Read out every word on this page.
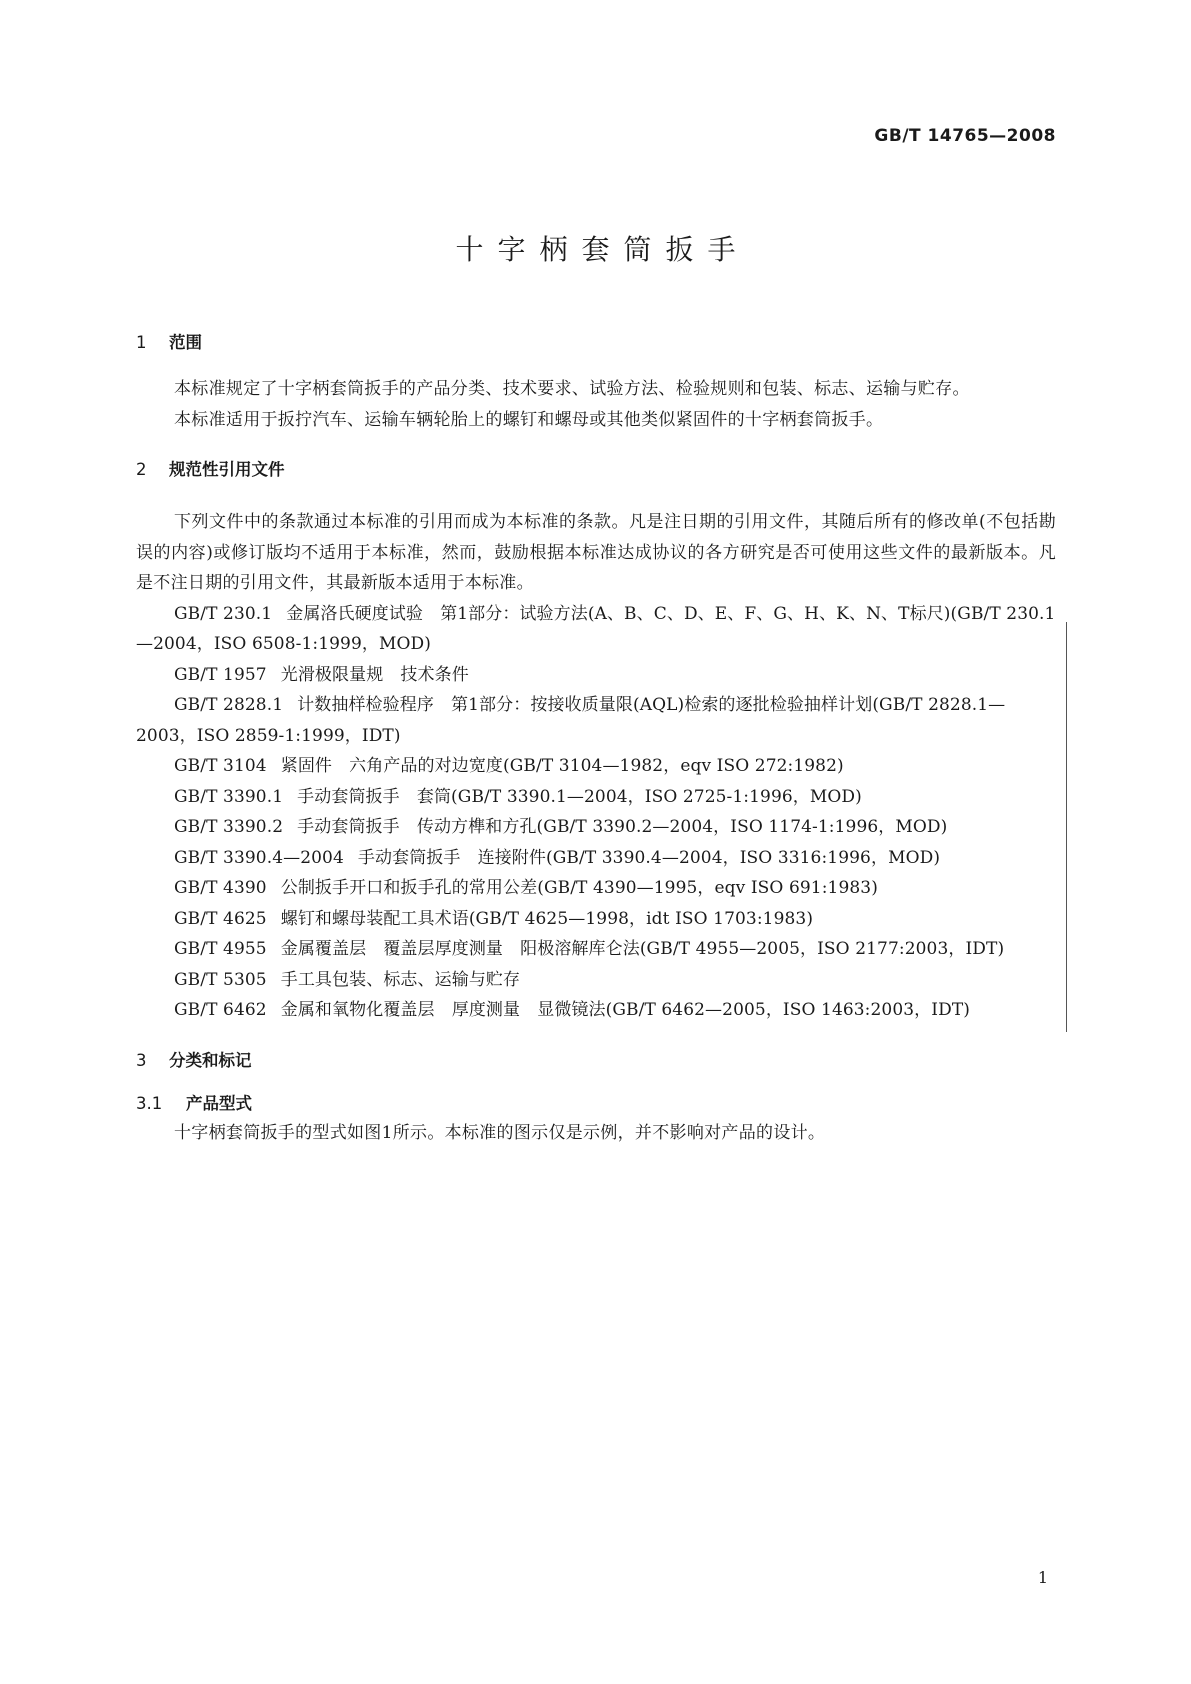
GB/T 14765—2008
十字柄套筒扳手
1 范围

本标准规定了十字柄套筒扳手的产品分类、技术要求、试验方法、检验规则和包装、标志、运输与贮存。

本标准适用于扳拧汽车、运输车辆轮胎上的螺钉和螺母或其他类似紧固件的十字柄套筒扳手。

2 规范性引用文件

下列文件中的条款通过本标准的引用而成为本标准的条款。凡是注日期的引用文件，其随后所有的修改单(不包括勘误的内容)或修订版均不适用于本标准，然而，鼓励根据本标准达成协议的各方研究是否可使用这些文件的最新版本。凡是不注日期的引用文件，其最新版本适用于本标准。

GB/T 230.1 金属洛氏硬度试验　第1部分：试验方法(A、B、C、D、E、F、G、H、K、N、T标尺)(GB/T 230.1—2004，ISO 6508-1:1999，MOD)

GB/T 1957 光滑极限量规　技术条件

GB/T 2828.1 计数抽样检验程序　第1部分：按接收质量限(AQL)检索的逐批检验抽样计划(GB/T 2828.1—2003，ISO 2859-1:1999，IDT)

GB/T 3104 紧固件　六角产品的对边宽度(GB/T 3104—1982，eqv ISO 272:1982)

GB/T 3390.1 手动套筒扳手　套筒(GB/T 3390.1—2004，ISO 2725-1:1996，MOD)

GB/T 3390.2 手动套筒扳手　传动方榫和方孔(GB/T 3390.2—2004，ISO 1174-1:1996，MOD)

GB/T 3390.4—2004 手动套筒扳手　连接附件(GB/T 3390.4—2004，ISO 3316:1996，MOD)

GB/T 4390 公制扳手开口和扳手孔的常用公差(GB/T 4390—1995，eqv ISO 691:1983)

GB/T 4625 螺钉和螺母装配工具术语(GB/T 4625—1998，idt ISO 1703:1983)

GB/T 4955 金属覆盖层　覆盖层厚度测量　阳极溶解库仑法(GB/T 4955—2005，ISO 2177:2003，IDT)

GB/T 5305 手工具包装、标志、运输与贮存

GB/T 6462 金属和氧物化覆盖层　厚度测量　显微镜法(GB/T 6462—2005，ISO 1463:2003，IDT)

3 分类和标记
3.1 产品型式

十字柄套筒扳手的型式如图1所示。本标准的图示仅是示例，并不影响对产品的设计。

1
